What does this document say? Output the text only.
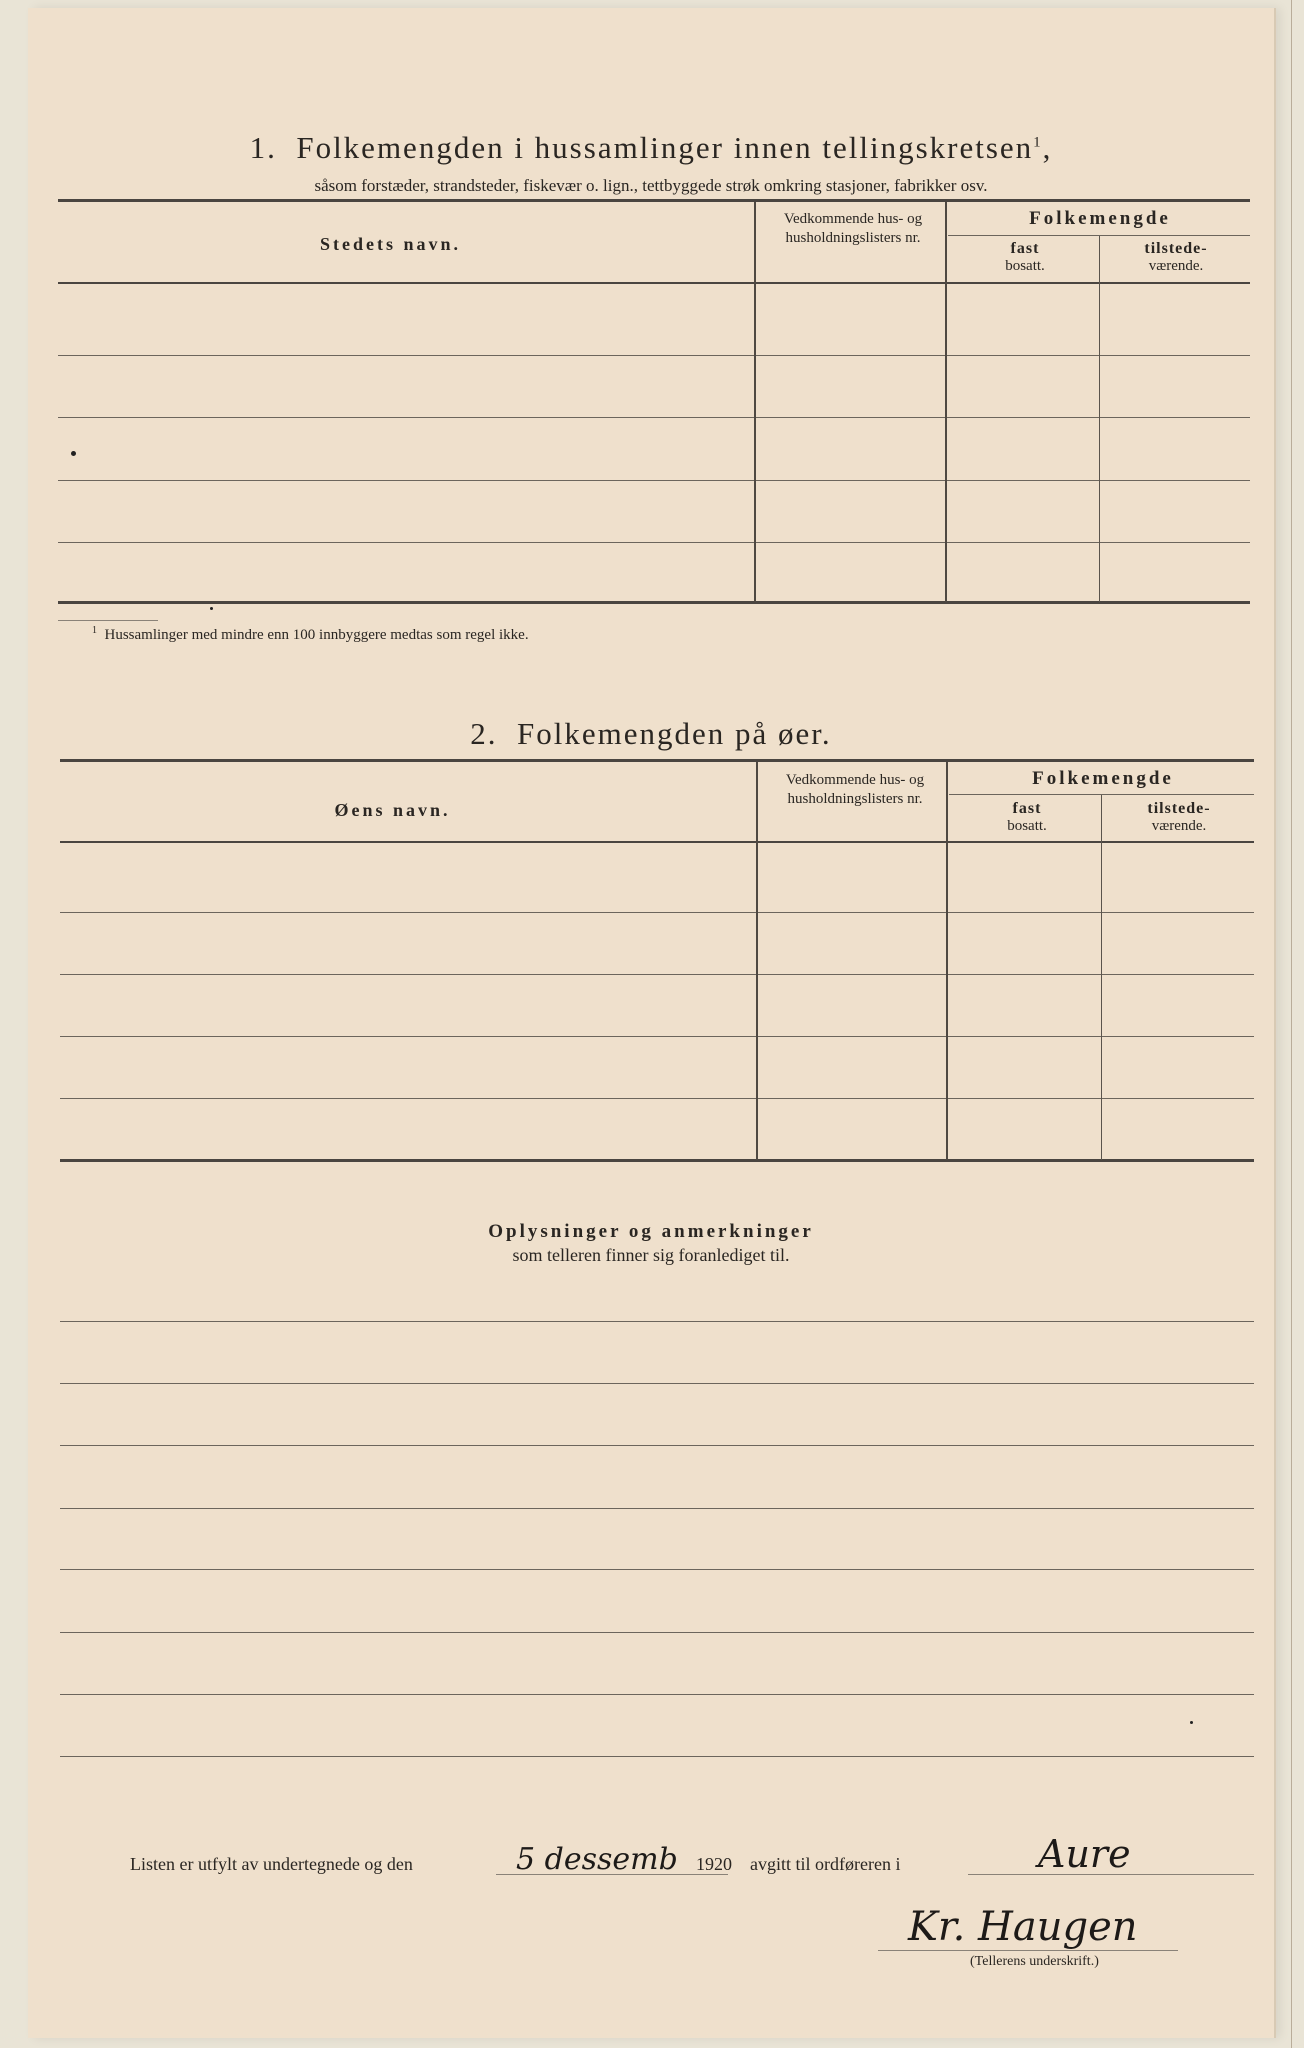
1. Folkemengden i hussamlinger innen tellingskretsen$^1$,
såsom forstæder, strandsteder, fiskevær o. lign., tettbyggede strøk omkring stasjoner, fabrikker osv.
Stedets navn.
Vedkommende hus- og husholdningslisters nr.
Folkemengde
fast
bosatt.
tilstede-
værende.
$^1$ Hussamlinger med mindre enn 100 innbyggere medtas som regel ikke.
2. Folkemengden på øer.
Øens navn.
Vedkommende hus- og husholdningslisters nr.
Folkemengde
fast
bosatt.
tilstede-
værende.
Oplysninger og anmerkninger
som telleren finner sig foranlediget til.
Listen er utfylt av undertegnede og den	5 dessemb 1920 avgitt til ordføreren i	Aure
Kr. Haugen
(Tellerens underskrift.)
